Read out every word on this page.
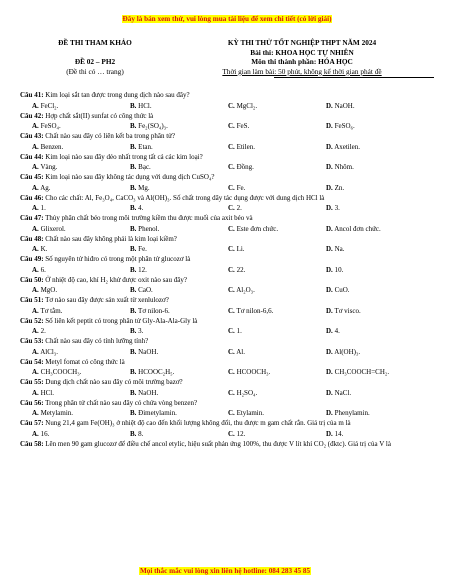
Đây là bản xem thử, vui lòng mua tài liệu để xem chi tiết (có lời giải)
ĐỀ THI THAM KHẢO
ĐỀ 02 – PH2
(Đề thi có … trang)
KỲ THI THỬ TỐT NGHIỆP THPT NĂM 2024
Bài thi: KHOA HỌC TỰ NHIÊN
Môn thi thành phần: HÓA HỌC
Thời gian làm bài: 50 phút, không kể thời gian phát đề
Câu 41: Kim loại sắt tan được trong dung dịch nào sau đây?
A. FeCl₂.	B. HCl.	C. MgCl₂.	D. NaOH.
Câu 42: Hợp chất sắt(II) sunfat có công thức là
A. FeSO₄.	B. Fe₂(SO₄)₃.	C. FeS.	D. FeSO₆.
Câu 43: Chất nào sau đây có liên kết ba trong phân tử?
A. Benzen.	B. Etan.	C. Etilen.	D. Axetilen.
Câu 44: Kim loại nào sau đây dẻo nhất trong tất cả các kim loại?
A. Vàng.	B. Bạc.	C. Đồng.	D. Nhôm.
Câu 45: Kim loại nào sau đây không tác dụng với dung dịch CuSO₄?
A. Ag.	B. Mg.	C. Fe.	D. Zn.
Câu 46: Cho các chất: Al, Fe₃O₄, CaCO₃ và Al(OH)₃. Số chất trong dãy tác dụng được với dung dịch HCl là
A. 1.	B. 4.	C. 2.	D. 3.
Câu 47: Thủy phân chất béo trong môi trường kiềm thu được muối của axit béo và
A. Glixerol.	B. Phenol.	C. Este đơn chức.	D. Ancol đơn chức.
Câu 48: Chất nào sau đây không phải là kim loại kiềm?
A. K.	B. Fe.	C. Li.	D. Na.
Câu 49: Số nguyên tử hiđro có trong một phân tử glucozơ là
A. 6.	B. 12.	C. 22.	D. 10.
Câu 50: Ở nhiệt độ cao, khí H₂ khử được oxit nào sau đây?
A. MgO.	B. CaO.	C. Al₂O₃.	D. CuO.
Câu 51: Tơ nào sau đây được sản xuất từ xenlulozơ?
A. Tơ tằm.	B. Tơ nilon-6.	C. Tơ nilon-6,6.	D. Tơ visco.
Câu 52: Số liên kết peptit có trong phân tử Gly-Ala-Ala-Gly là
A. 2.	B. 3.	C. 1.	D. 4.
Câu 53: Chất nào sau đây có tính lưỡng tính?
A. AlCl₃.	B. NaOH.	C. Al.	D. Al(OH)₃.
Câu 54: Metyl fomat có công thức là
A. CH₃COOCH₃.	B. HCOOC₂H₅.	C. HCOOCH₃.	D. CH₃COOCH=CH₂.
Câu 55: Dung dịch chất nào sau đây có môi trường bazơ?
A. HCl.	B. NaOH.	C. H₂SO₄.	D. NaCl.
Câu 56: Trong phân tử chất nào sau đây có chứa vòng benzen?
A. Metylamin.	B. Đimetylamin.	C. Etylamin.	D. Phenylamin.
Câu 57: Nung 21,4 gam Fe(OH)₃ ở nhiệt độ cao đến khối lượng không đổi, thu được m gam chất rắn. Giá trị của m là
A. 16.	B. 8.	C. 12.	D. 14.
Câu 58: Lên men 90 gam glucozơ để điều chế ancol etylic, hiệu suất phản ứng 100%, thu được V lít khí CO₂ (đktc). Giá trị của V là
Mọi thắc mắc vui lòng xin liên hệ hotline: 084 283 45 85
